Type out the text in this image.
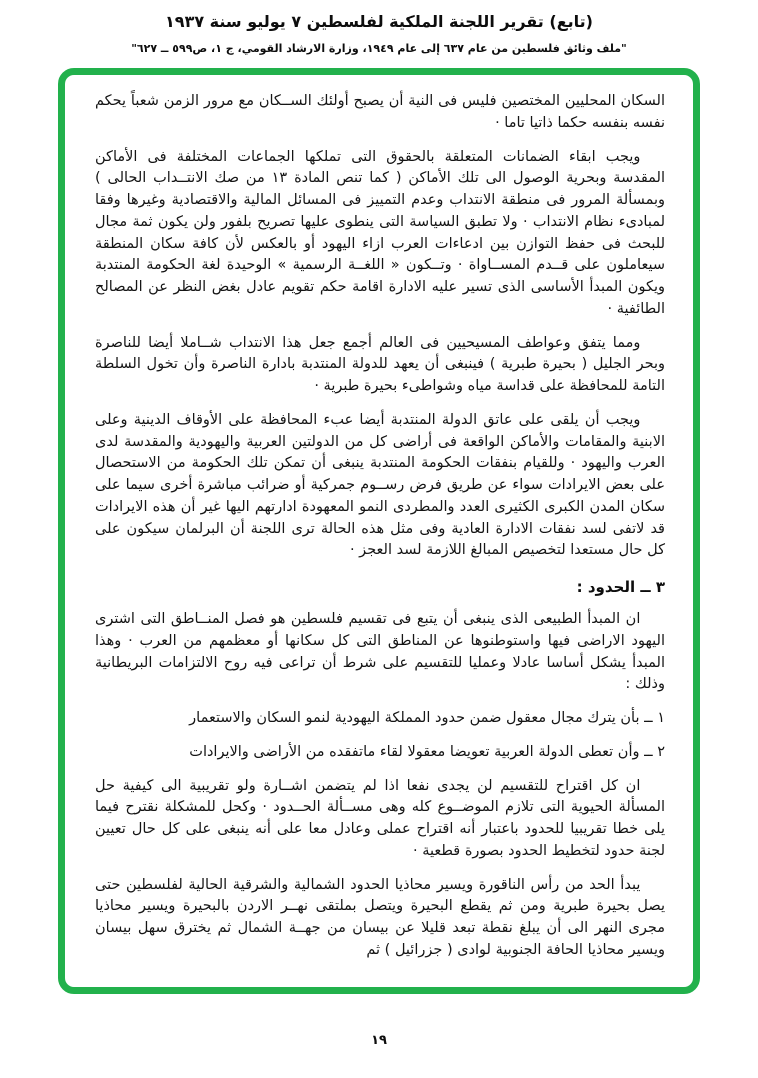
(تابع) تقرير اللجنة الملكية لفلسطين ٧ يوليو سنة ١٩٣٧
"ملف وثائق فلسطين من عام ٦٣٧ إلى عام ١٩٤٩، وزارة الارشاد القومي، ج ١، ص٥٩٩ ــ ٦٢٧"

السكان المحليين المختصين فليس فى النية أن يصبح أولئك الســكان مع مرور الزمن شعباً يحكم نفسه بنفسه حكما ذاتيا تاما ·

ويجب ابقاء الضمانات المتعلقة بالحقوق التى تملكها الجماعات المختلفة فى الأماكن المقدسة وبحرية الوصول الى تلك الأماكن ( كما تنص المادة ١٣ من صك الانتــداب الحالى ) وبمسألة المرور فى منطقة الانتداب وعدم التمييز فى المسائل المالية والاقتصادية وغيرها وفقا لمبادىء نظام الانتداب · ولا تطبق السياسة التى ينطوى عليها تصريح بلفور ولن يكون ثمة مجال للبحث فى حفظ التوازن بين ادعاءات العرب ازاء اليهود أو بالعكس لأن كافة سكان المنطقة سيعاملون على قــدم المســاواة · وتــكون « اللغــة الرسمية » الوحيدة لغة الحكومة المنتدبة ويكون المبدأ الأساسى الذى تسير عليه الادارة اقامة حكم تقويم عادل بغض النظر عن المصالح الطائفية ·

ومما يتفق وعواطف المسيحيين فى العالم أجمع جعل هذا الانتداب شــاملا أيضا للناصرة وبحر الجليل ( بحيرة طبرية ) فينبغى أن يعهد للدولة المنتدبة بادارة الناصرة وأن تخول السلطة التامة للمحافظة على قداسة مياه وشواطىء بحيرة طبرية ·

ويجب أن يلقى على عاتق الدولة المنتدبة أيضا عبء المحافظة على الأوقاف الدينية وعلى الابنية والمقامات والأماكن الواقعة فى أراضى كل من الدولتين العربية واليهودية والمقدسة لدى العرب واليهود · وللقيام بنفقات الحكومة المنتدبة ينبغى أن تمكن تلك الحكومة من الاستحصال على بعض الايرادات سواء عن طريق فرض رســوم جمركية أو ضرائب مباشرة أخرى سيما على سكان المدن الكبرى الكثيرى العدد والمطردى النمو المعهودة ادارتهم اليها غير أن هذه الايرادات قد لاتفى لسد نفقات الادارة العادية وفى مثل هذه الحالة ترى اللجنة أن البرلمان سيكون على كل حال مستعدا لتخصيص المبالغ اللازمة لسد العجز ·

٣ ــ الحدود :

ان المبدأ الطبيعى الذى ينبغى أن يتبع فى تقسيم فلسطين هو فصل المنــاطق التى اشترى اليهود الاراضى فيها واستوطنوها عن المناطق التى كل سكانها أو معظمهم من العرب · وهذا المبدأ يشكل أساسا عادلا وعمليا للتقسيم على شرط أن تراعى فيه روح الالتزامات البريطانية وذلك :

١ ــ بأن يترك مجال معقول ضمن حدود المملكة اليهودية لنمو السكان والاستعمار

٢ ــ وأن تعطى الدولة العربية تعويضا معقولا لقاء ماتفقده من الأراضى والايرادات

ان كل اقتراح للتقسيم لن يجدى نفعا اذا لم يتضمن اشــارة ولو تقريبية الى كيفية حل المسألة الحيوية التى تلازم الموضــوع كله وهى مســألة الحــدود · وكحل للمشكلة نقترح فيما يلى خطا تقريبيا للحدود باعتبار أنه اقتراح عملى وعادل معا على أنه ينبغى على كل حال تعيين لجنة حدود لتخطيط الحدود بصورة قطعية ·

يبدأ الحد من رأس الناقورة ويسير محاذيا الحدود الشمالية والشرقية الحالية لفلسطين حتى يصل بحيرة طبرية ومن ثم يقطع البحيرة ويتصل بملتقى نهــر الاردن بالبحيرة ويسير محاذيا مجرى النهر الى أن يبلغ نقطة تبعد قليلا عن بيسان من جهــة الشمال ثم يخترق سهل بيسان ويسير محاذيا الحافة الجنوبية لوادى ( جزرائيل ) ثم

١٩
